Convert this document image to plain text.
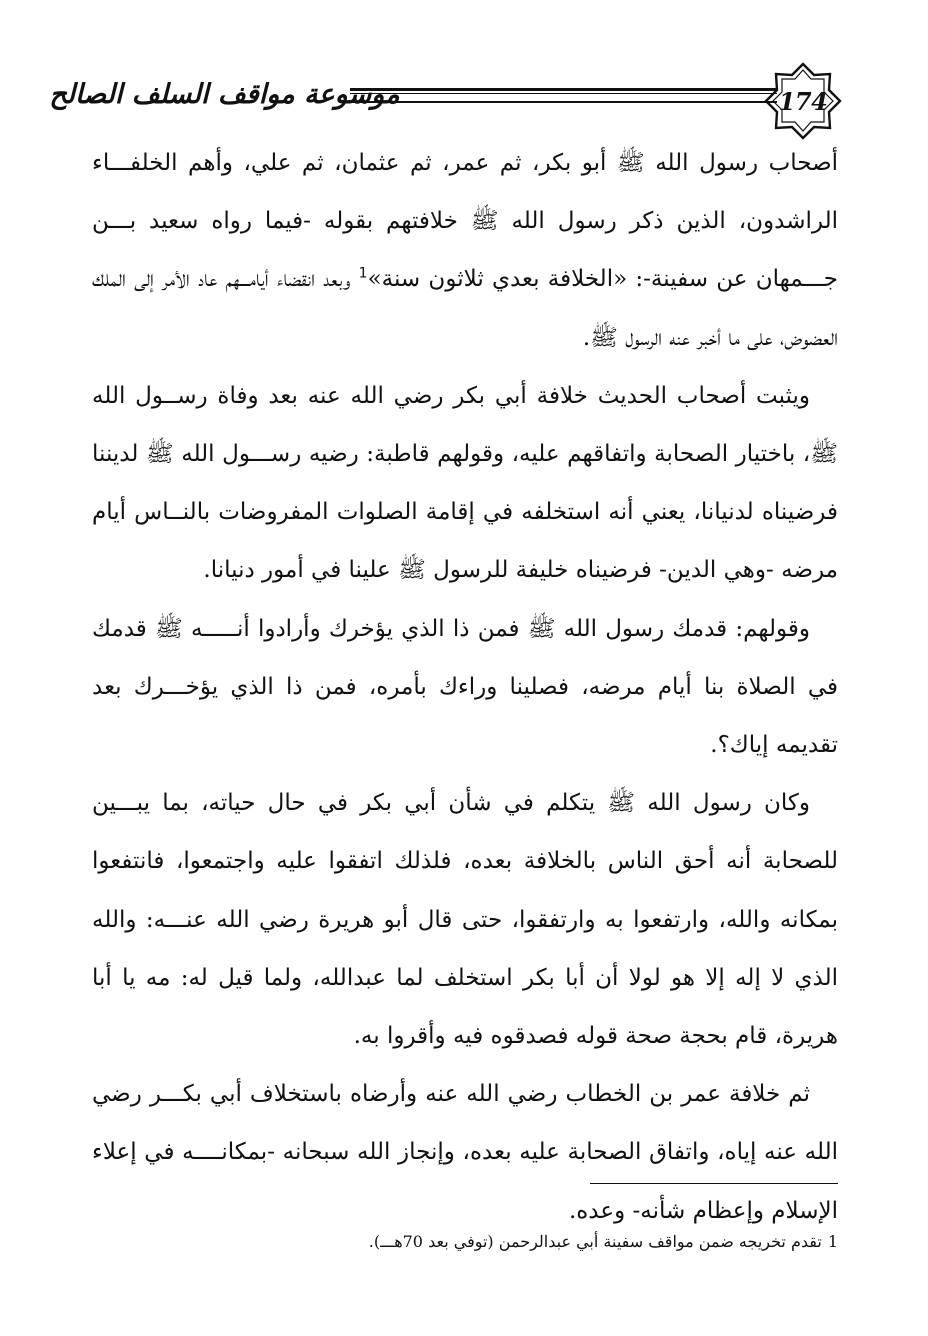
174
موسوعة مواقف السلف الصالح

أصحاب رسول الله ﷺ أبو بكر، ثم عمر، ثم عثمان، ثم علي، وأهم الخلفـــاء الراشدون، الذين ذكر رسول الله ﷺ خلافتهم بقوله -فيما رواه سعيد بـــن جـــمهان عن سفينة-: «الخلافة بعدي ثلاثون سنة»$^1$ وبعد انقضاء أيامـــهم عاد الأمر إلى الملك العضوض، على ما أخبر عنه الرسول ﷺ.

ويثبت أصحاب الحديث خلافة أبي بكر رضي الله عنه بعد وفاة رســول الله ﷺ، باختيار الصحابة واتفاقهم عليه، وقولهم قاطبة: رضيه رســـول الله ﷺ لديننا فرضيناه لدنيانا، يعني أنه استخلفه في إقامة الصلوات المفروضات بالنــاس أيام مرضه -وهي الدين- فرضيناه خليفة للرسول ﷺ علينا في أمور دنيانا.

وقولهم: قدمك رسول الله ﷺ فمن ذا الذي يؤخرك وأرادوا أنـــــه ﷺ قدمك في الصلاة بنا أيام مرضه، فصلينا وراءك بأمره، فمن ذا الذي يؤخـــرك بعد تقديمه إياك؟.

وكان رسول الله ﷺ يتكلم في شأن أبي بكر في حال حياته، بما يبـــين للصحابة أنه أحق الناس بالخلافة بعده، فلذلك اتفقوا عليه واجتمعوا، فانتفعوا بمكانه والله، وارتفعوا به وارتفقوا، حتى قال أبو هريرة رضي الله عنـــه: والله الذي لا إله إلا هو لولا أن أبا بكر استخلف لما عبدالله، ولما قيل له: مه يا أبا هريرة، قام بحجة صحة قوله فصدقوه فيه وأقروا به.

ثم خلافة عمر بن الخطاب رضي الله عنه وأرضاه باستخلاف أبي بكـــر رضي الله عنه إياه، واتفاق الصحابة عليه بعده، وإنجاز الله سبحانه -بمكانــــه في إعلاء الإسلام وإعظام شأنه- وعده.

1تقدم تخريجه ضمن مواقف سفينة أبي عبدالرحمن (توفي بعد 70هـــ).
